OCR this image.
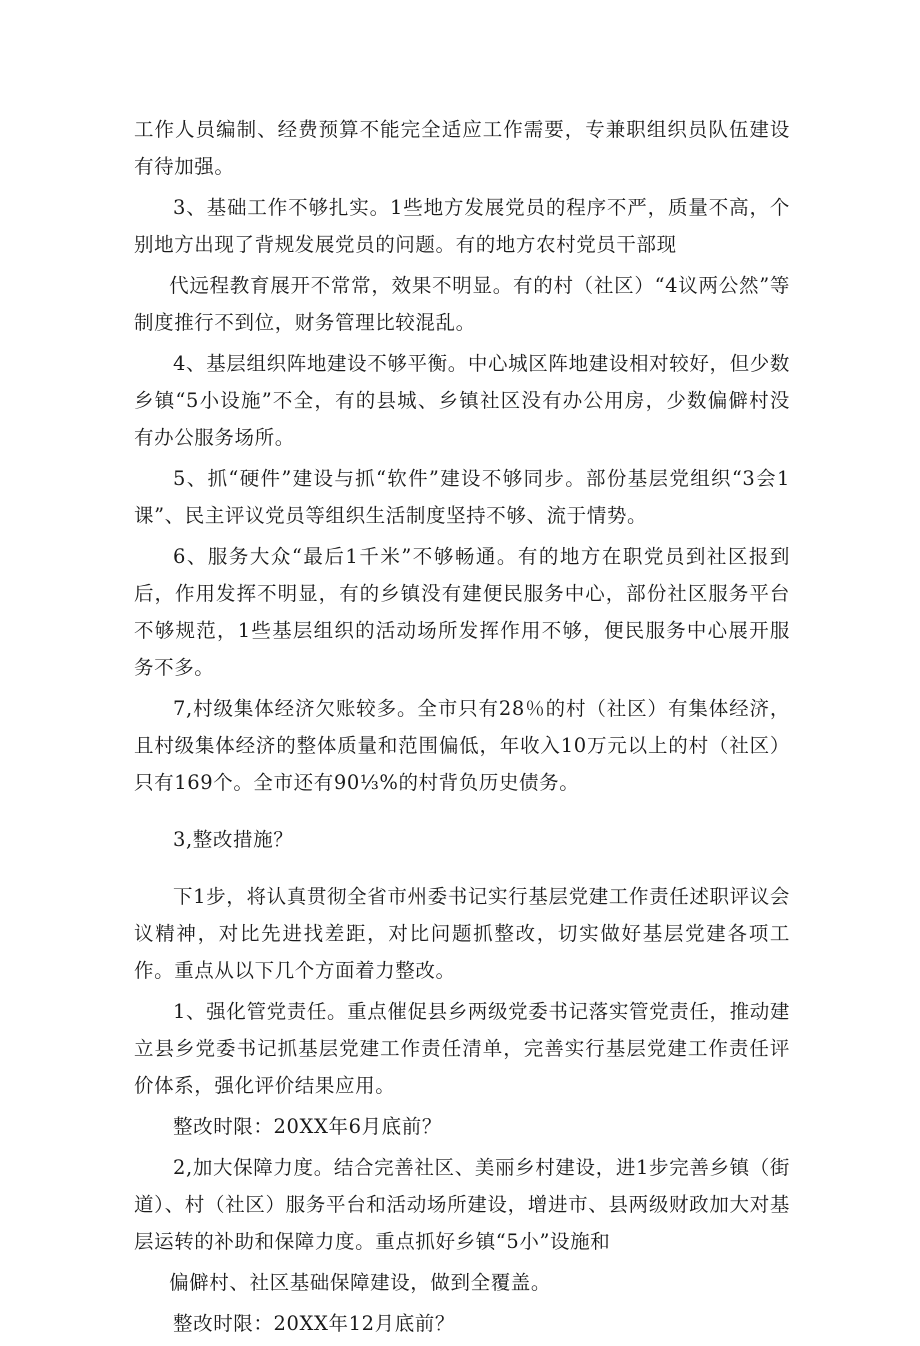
工作人员编制、经费预算不能完全适应工作需要，专兼职组织员队伍建设有待加强。

3、基础工作不够扎实。1些地方发展党员的程序不严，质量不高，个别地方出现了背规发展党员的问题。有的地方农村党员干部现

代远程教育展开不常常，效果不明显。有的村（社区）“4议两公然”等制度推行不到位，财务管理比较混乱。

4、基层组织阵地建设不够平衡。中心城区阵地建设相对较好，但少数乡镇“5小设施”不全，有的县城、乡镇社区没有办公用房，少数偏僻村没有办公服务场所。

5、抓“硬件”建设与抓“软件”建设不够同步。部份基层党组织“3会1课”、民主评议党员等组织生活制度坚持不够、流于情势。

6、服务大众“最后1千米”不够畅通。有的地方在职党员到社区报到后，作用发挥不明显，有的乡镇没有建便民服务中心，部份社区服务平台不够规范，1些基层组织的活动场所发挥作用不够，便民服务中心展开服务不多。

7,村级集体经济欠账较多。全市只有28％的村（社区）有集体经济，且村级集体经济的整体质量和范围偏低，年收入10万元以上的村（社区）只有169个。全市还有90⅓%的村背负历史债务。

3,整改措施？

下1步，将认真贯彻全省市州委书记实行基层党建工作责任述职评议会议精神，对比先进找差距，对比问题抓整改，切实做好基层党建各项工作。重点从以下几个方面着力整改。

1、强化管党责任。重点催促县乡两级党委书记落实管党责任，推动建立县乡党委书记抓基层党建工作责任清单，完善实行基层党建工作责任评价体系，强化评价结果应用。

整改时限：20XX年6月底前？

2,加大保障力度。结合完善社区、美丽乡村建设，进1步完善乡镇（街道）、村（社区）服务平台和活动场所建设，增进市、县两级财政加大对基层运转的补助和保障力度。重点抓好乡镇“5小”设施和

偏僻村、社区基础保障建设，做到全覆盖。

整改时限：20XX年12月底前？
